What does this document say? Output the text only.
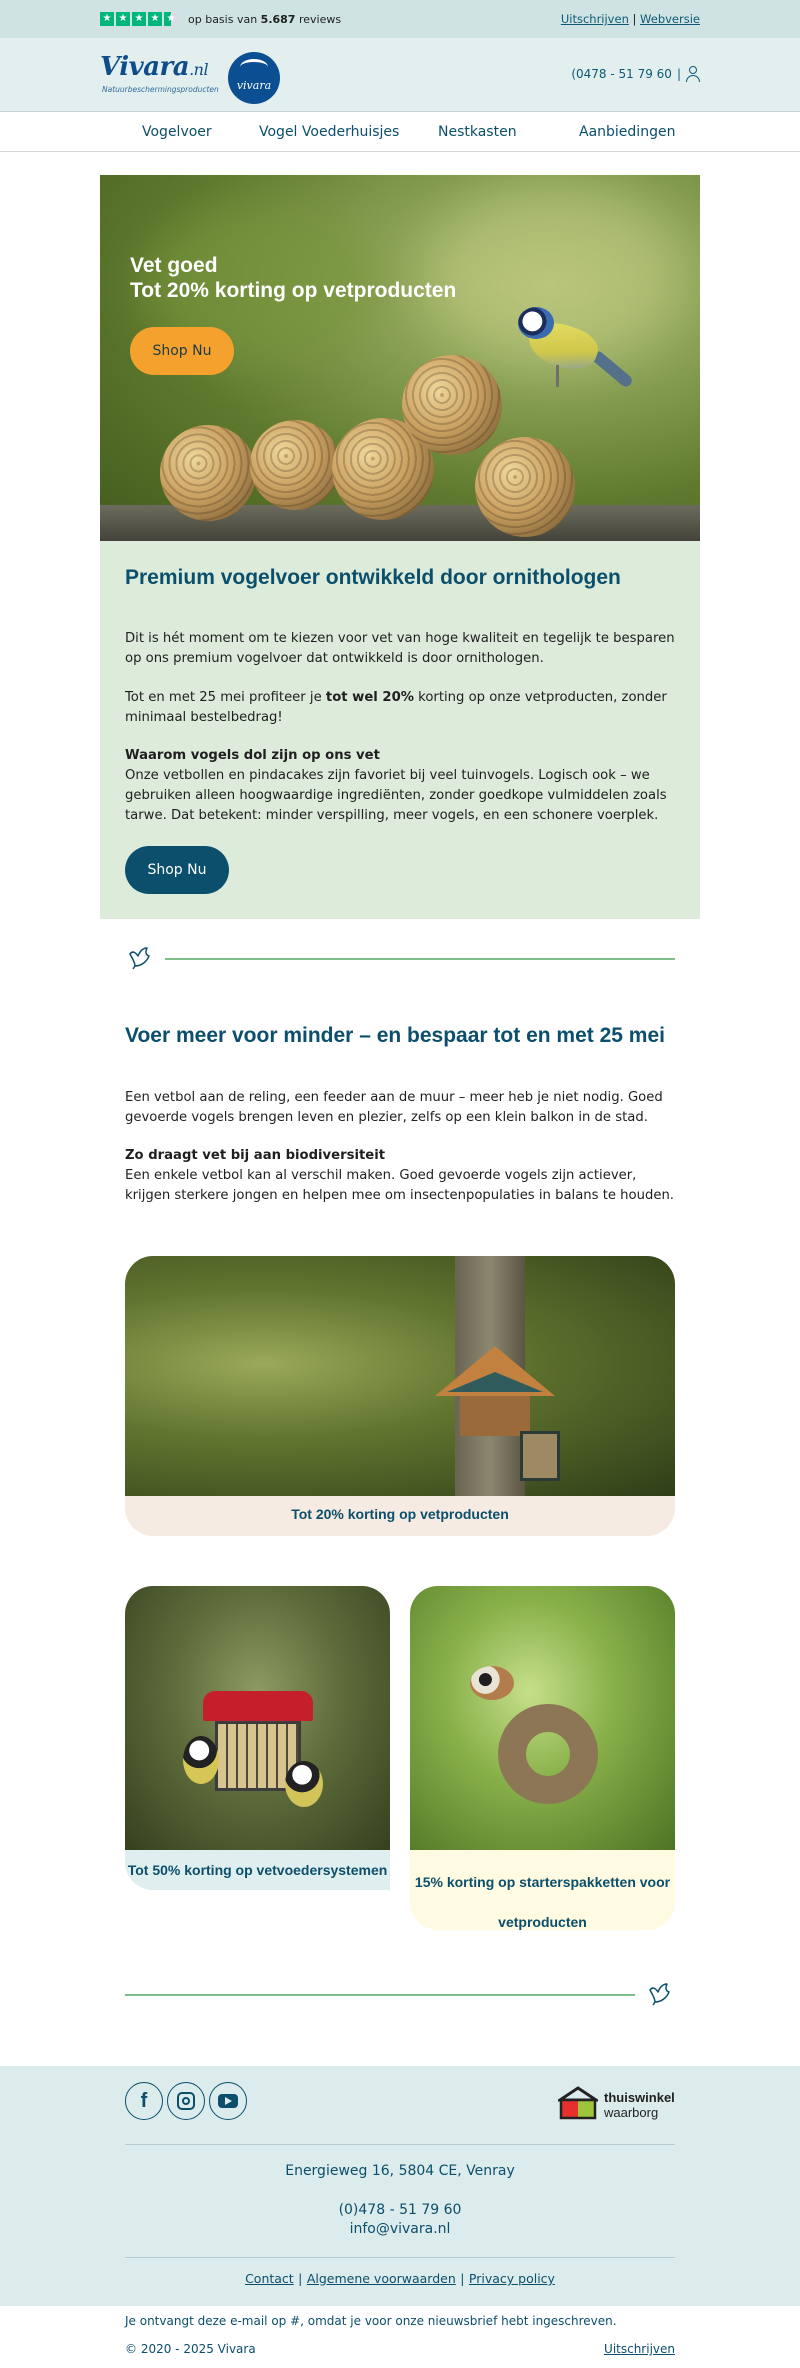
★ ★ ★ ★ ★ op basis van 5.687 reviews	Uitschrijven | Webversie
Vivara.nl
Natuurbeschermingsproducten vivara
(0478 - 51 79 60 |
Vogelvoer	Vogel Voederhuisjes	Nestkasten	Aanbiedingen
Vet goed
Tot 20% korting op vetproducten
Shop Nu
Premium vogelvoer ontwikkeld door ornithologen
Dit is hét moment om te kiezen voor vet van hoge kwaliteit en tegelijk te besparen op ons premium vogelvoer dat ontwikkeld is door ornithologen.
Tot en met 25 mei profiteer je tot wel 20% korting op onze vetproducten, zonder minimaal bestelbedrag!
Waarom vogels dol zijn op ons vet
Onze vetbollen en pindacakes zijn favoriet bij veel tuinvogels. Logisch ook – we gebruiken alleen hoogwaardige ingrediënten, zonder goedkope vulmiddelen zoals tarwe. Dat betekent: minder verspilling, meer vogels, en een schonere voerplek.
Shop Nu
Voer meer voor minder – en bespaar tot en met 25 mei
Een vetbol aan de reling, een feeder aan de muur – meer heb je niet nodig. Goed gevoerde vogels brengen leven en plezier, zelfs op een klein balkon in de stad.
Zo draagt vet bij aan biodiversiteit
Een enkele vetbol kan al verschil maken. Goed gevoerde vogels zijn actiever, krijgen sterkere jongen en helpen mee om insectenpopulaties in balans te houden.
Tot 20% korting op vetproducten
Tot 50% korting op vetvoedersystemen
15% korting op starterspakketten voor
vetproducten
f	thuiswinkel
waarborg
Energieweg 16, 5804 CE, Venray
(0)478 - 51 79 60
info@vivara.nl
Contact | Algemene voorwaarden | Privacy policy
Je ontvangt deze e-mail op #, omdat je voor onze nieuwsbrief hebt ingeschreven.
© 2020 - 2025 Vivara	Uitschrijven
